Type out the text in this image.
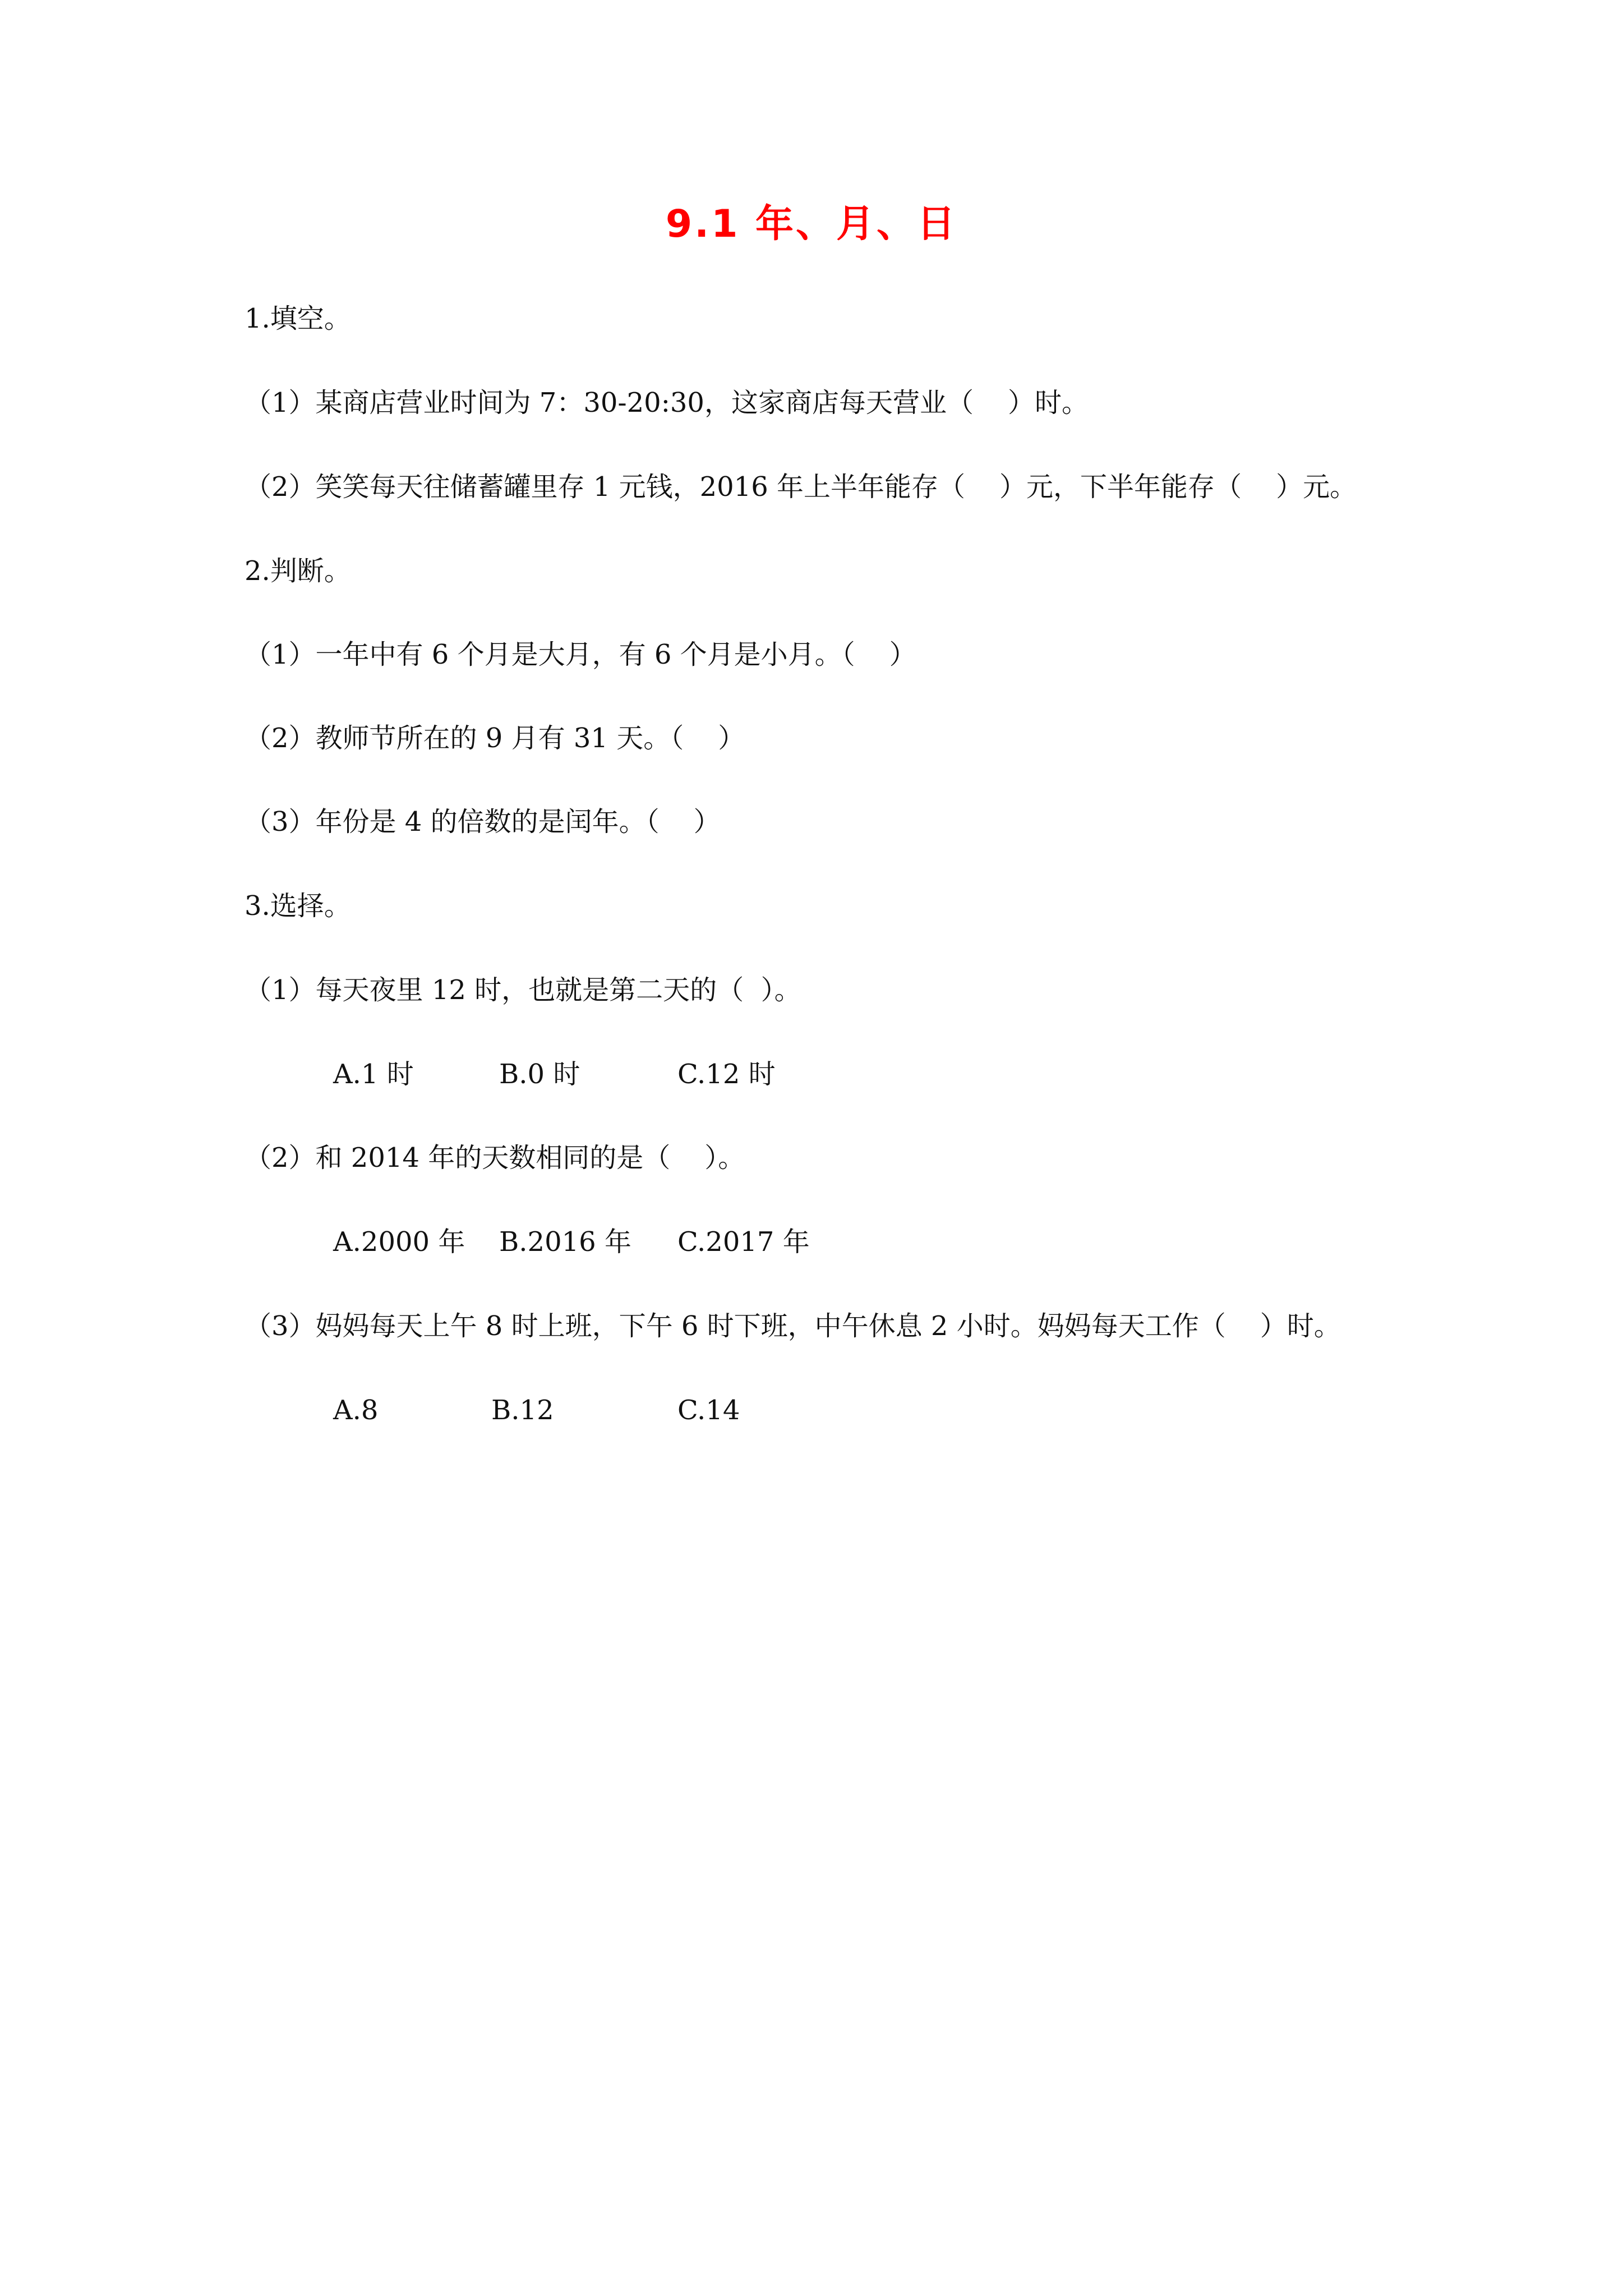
9.1 年、月、日
1.填空。
（1）某商店营业时间为 7：30-20:30，这家商店每天营业（    ）时。
（2）笑笑每天往储蓄罐里存 1 元钱，2016 年上半年能存（    ）元，下半年能存（    ）元。
2.判断。
（1）一年中有 6 个月是大月，有 6 个月是小月。（    ）
（2）教师节所在的 9 月有 31 天。（    ）
（3）年份是 4 的倍数的是闰年。（    ）
3.选择。
（1）每天夜里 12 时，也就是第二天的（  ）。
A.1 时	B.0 时	C.12 时
（2）和 2014 年的天数相同的是（    ）。
A.2000 年 B.2016 年 C.2017 年
（3）妈妈每天上午 8 时上班，下午 6 时下班，中午休息 2 小时。妈妈每天工作（    ）时。
A.8	B.12	C.14
